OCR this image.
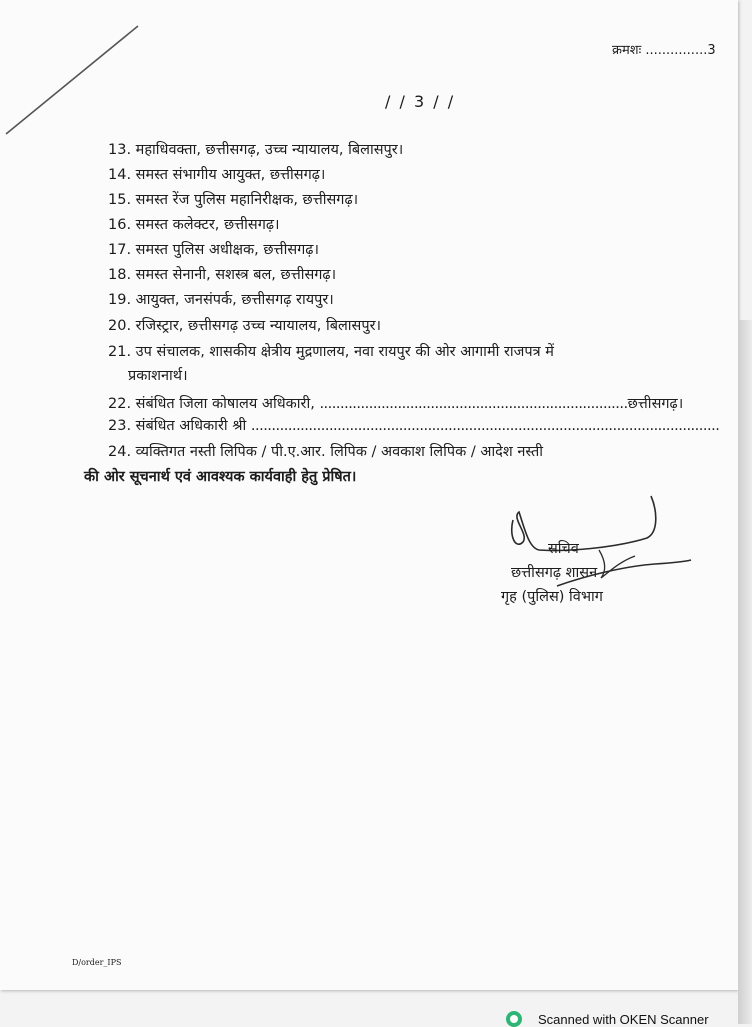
क्रमशः ...............3
/ / 3 / /
13. महाधिवक्ता, छत्तीसगढ़, उच्च न्यायालय, बिलासपुर।
14. समस्त संभागीय आयुक्त, छत्तीसगढ़।
15. समस्त रेंज पुलिस महानिरीक्षक, छत्तीसगढ़।
16. समस्त कलेक्टर, छत्तीसगढ़।
17. समस्त पुलिस अधीक्षक, छत्तीसगढ़।
18. समस्त सेनानी, सशस्त्र बल, छत्तीसगढ़।
19. आयुक्त, जनसंपर्क, छत्तीसगढ़ रायपुर।
20. रजिस्ट्रार, छत्तीसगढ़ उच्च न्यायालय, बिलासपुर।
21. उप संचालक, शासकीय क्षेत्रीय मुद्रणालय, नवा रायपुर की ओर आगामी राजपत्र में
प्रकाशनार्थ।
22. संबंधित जिला कोषालय अधिकारी, ...........................................................................छत्तीसगढ़।
23. संबंधित अधिकारी श्री ..................................................................................................................
24. व्यक्तिगत नस्ती लिपिक / पी.ए.आर. लिपिक / अवकाश लिपिक / आदेश नस्ती
की ओर सूचनार्थ एवं आवश्यक कार्यवाही हेतु प्रेषित।
सचिव
छत्तीसगढ़ शासन
गृह (पुलिस) विभाग
D/order_IPS
Scanned with OKEN Scanner
